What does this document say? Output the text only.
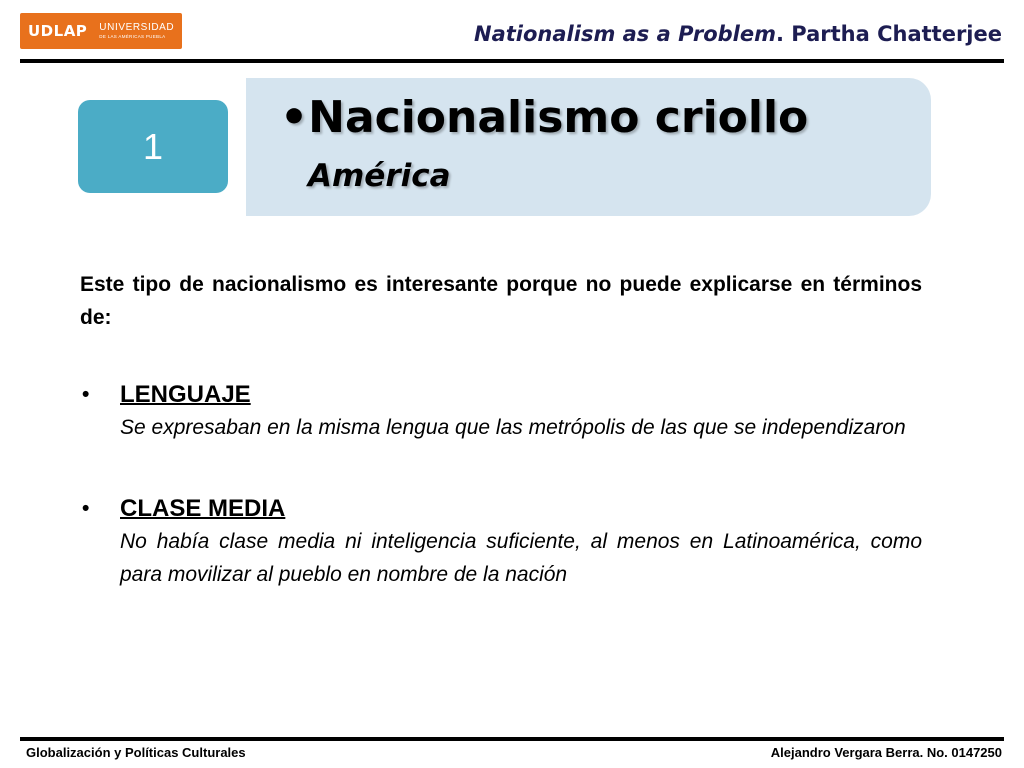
UDLAP UNIVERSIDAD
DE LAS AMÉRICAS PUEBLA	Nationalism as a Problem. Partha Chatterjee
1
•Nacionalismo criollo
América

Este tipo de nacionalismo es interesante porque no puede explicarse en términos de:

• LENGUAJE

Se expresaban en la misma lengua que las metrópolis de las que se independizaron

• CLASE MEDIA

No había clase media ni inteligencia suficiente, al menos en Latinoamérica, como para movilizar al pueblo en nombre de la nación

Globalización y Políticas Culturales	Alejandro Vergara Berra. No. 0147250
